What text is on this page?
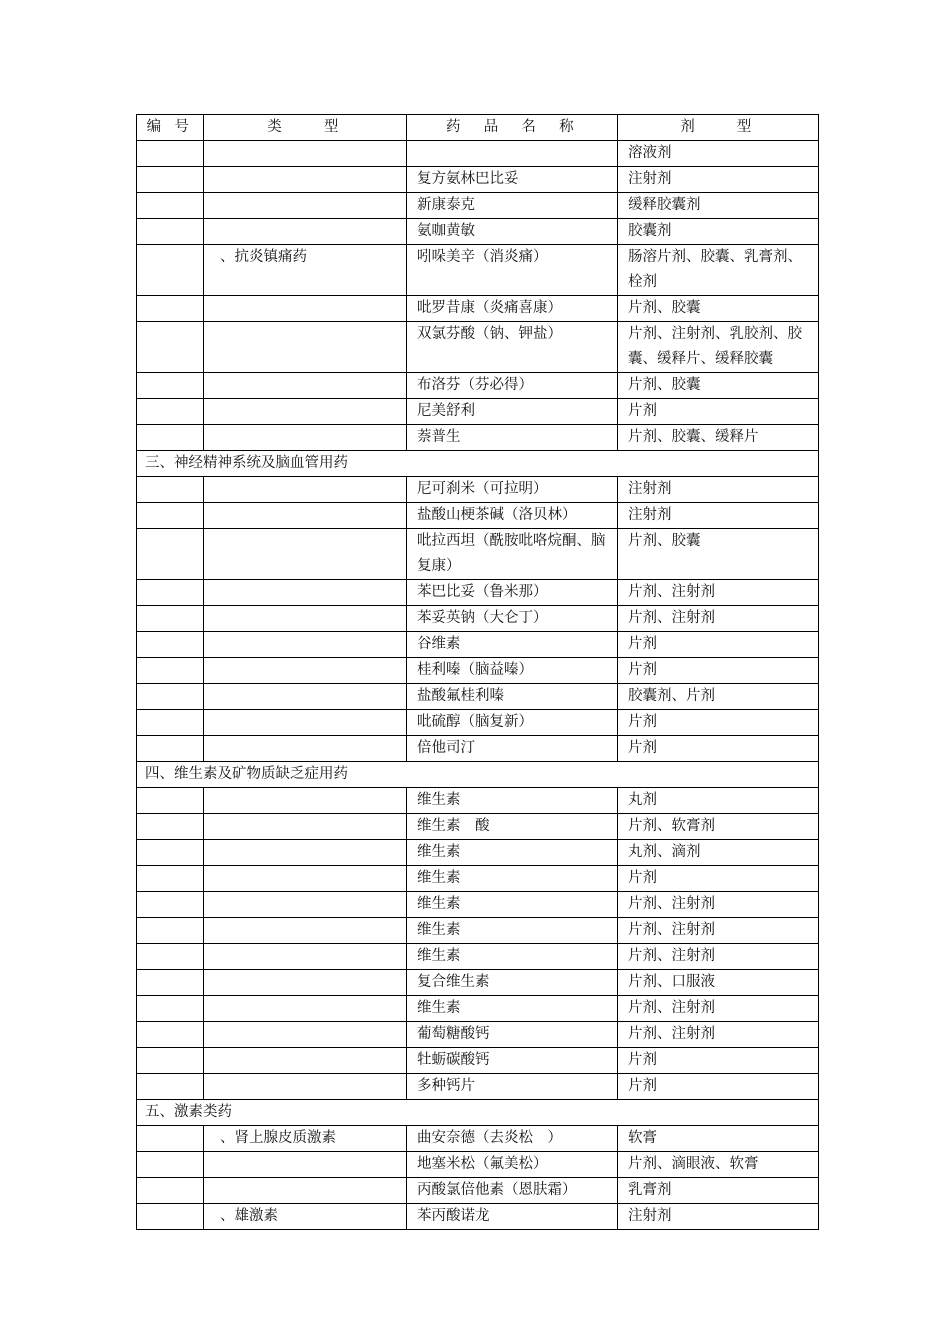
编 号	类　　型	药　品　名　称	剂　　型
			溶液剂
		复方氨林巴比妥	注射剂
		新康泰克	缓释胶囊剂
		氨咖黄敏	胶囊剂
	、抗炎镇痛药	吲哚美辛（消炎痛）	肠溶片剂、胶囊、乳膏剂、栓剂
		吡罗昔康（炎痛喜康）	片剂、胶囊
		双氯芬酸（钠、钾盐）	片剂、注射剂、乳胶剂、胶囊、缓释片、缓释胶囊
		布洛芬（芬必得）	片剂、胶囊
		尼美舒利	片剂
		萘普生	片剂、胶囊、缓释片
三、神经精神系统及脑血管用药			
		尼可刹米（可拉明）	注射剂
		盐酸山梗茶碱（洛贝林）	注射剂
		吡拉西坦（酰胺吡咯烷酮、脑复康）	片剂、胶囊
		苯巴比妥（鲁米那）	片剂、注射剂
		苯妥英钠（大仑丁）	片剂、注射剂
		谷维素	片剂
		桂利嗪（脑益嗪）	片剂
		盐酸氟桂利嗪	胶囊剂、片剂
		吡硫醇（脑复新）	片剂
		倍他司汀	片剂
四、维生素及矿物质缺乏症用药			
		维生素	丸剂
		维生素　酸	片剂、软膏剂
		维生素	丸剂、滴剂
		维生素	片剂
		维生素	片剂、注射剂
		维生素	片剂、注射剂
		维生素	片剂、注射剂
		复合维生素	片剂、口服液
		维生素	片剂、注射剂
		葡萄糖酸钙	片剂、注射剂
		牡蛎碳酸钙	片剂
		多种钙片	片剂
五、激素类药			
	、肾上腺皮质激素	曲安奈德（去炎松　）	软膏
		地塞米松（氟美松）	片剂、滴眼液、软膏
		丙酸氯倍他素（恩肤霜）	乳膏剂
	、雄激素	苯丙酸诺龙	注射剂
